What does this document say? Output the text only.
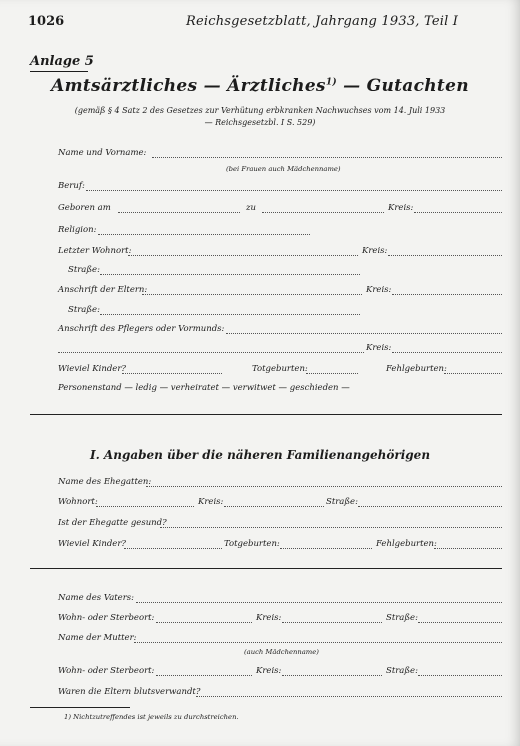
1026	Reichsgesetzblatt, Jahrgang 1933, Teil I
Anlage 5
Amtsärztliches — Ärztliches$^{1)}$ — Gutachten
(gemäß § 4 Satz 2 des Gesetzes zur Verhütung erbkranken Nachwuchses vom 14. Juli 1933
— Reichsgesetzbl. I S. 529)
Name und Vorname:
(bei Frauen auch Mädchenname)
Beruf:
Geboren am	zu	Kreis:
Religion:
Letzter Wohnort:	Kreis:
Straße:
Anschrift der Eltern:	Kreis:
Straße:
Anschrift des Pflegers oder Vormunds:
Kreis:
Wieviel Kinder?	Totgeburten:	Fehlgeburten:
Personenstand — ledig — verheiratet — verwitwet — geschieden —
I. Angaben über die näheren Familienangehörigen
Name des Ehegatten:
Wohnort:	Kreis:	Straße:
Ist der Ehegatte gesund?
Wieviel Kinder?	Totgeburten:	Fehlgeburten:
Name des Vaters:
Wohn- oder Sterbeort:	Kreis:	Straße:
Name der Mutter:
(auch Mädchenname)
Wohn- oder Sterbeort:	Kreis:	Straße:
Waren die Eltern blutsverwandt?
1) Nichtzutreffendes ist jeweils zu durchstreichen.
